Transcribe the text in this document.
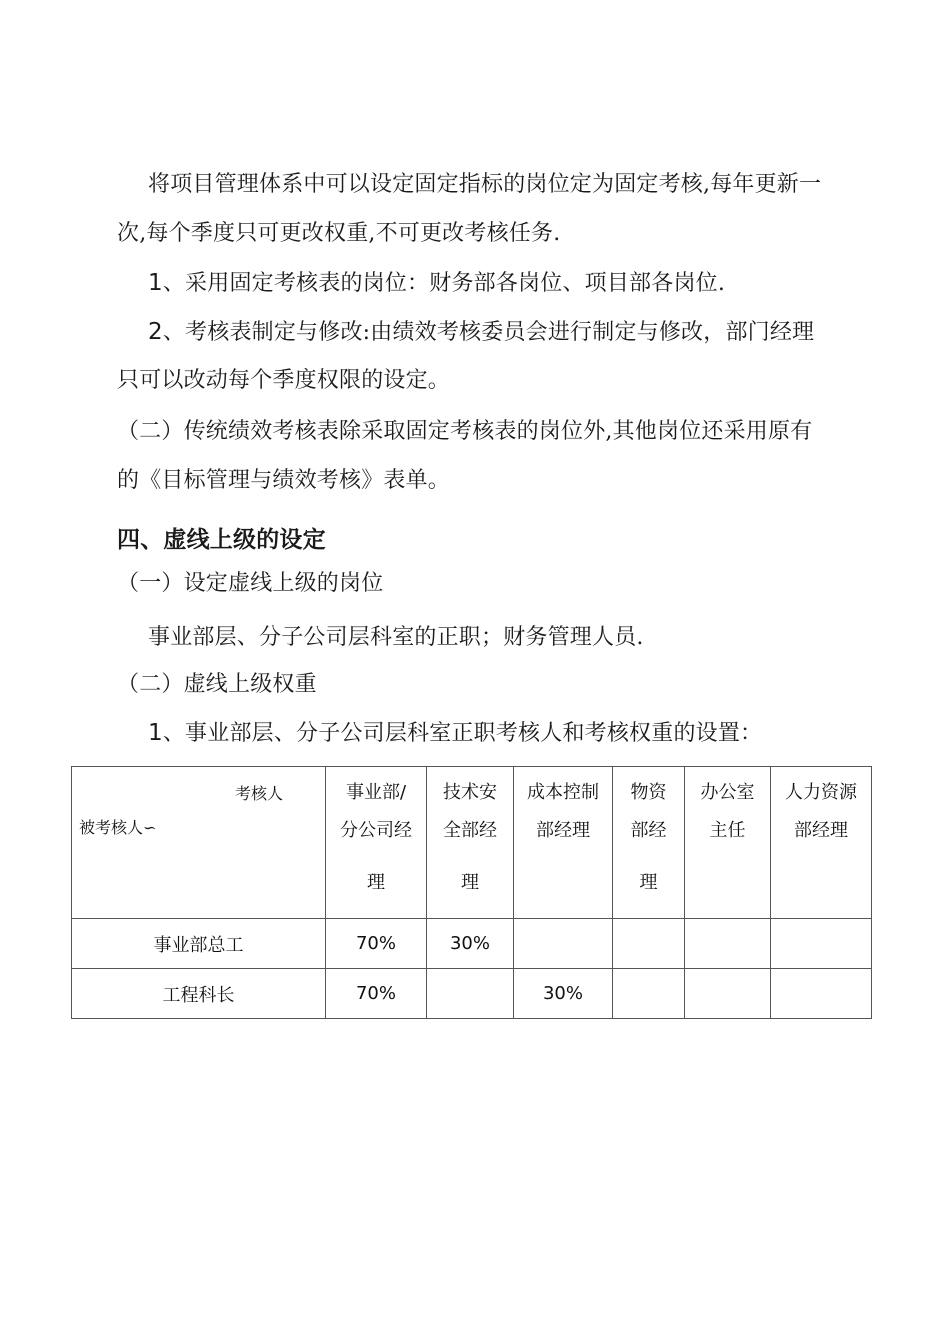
将项目管理体系中可以设定固定指标的岗位定为固定考核,每年更新一
次,每个季度只可更改权重,不可更改考核任务.
1、采用固定考核表的岗位：财务部各岗位、项目部各岗位.
2、考核表制定与修改:由绩效考核委员会进行制定与修改，部门经理
只可以改动每个季度权限的设定。
（二）传统绩效考核表除采取固定考核表的岗位外,其他岗位还采用原有
的《目标管理与绩效考核》表单。
四、虚线上级的设定
（一）设定虚线上级的岗位
事业部层、分子公司层科室的正职；财务管理人员.
（二）虚线上级权重
1、事业部层、分子公司层科室正职考核人和考核权重的设置：
考核人
被考核人∽	事业部/
分公司经
理	技术安
全部经
理	成本控制
部经理	物资
部经
理	办公室
主任	人力资源
部经理

事业部总工	70%	30%				
工程科长	70%		30%			
